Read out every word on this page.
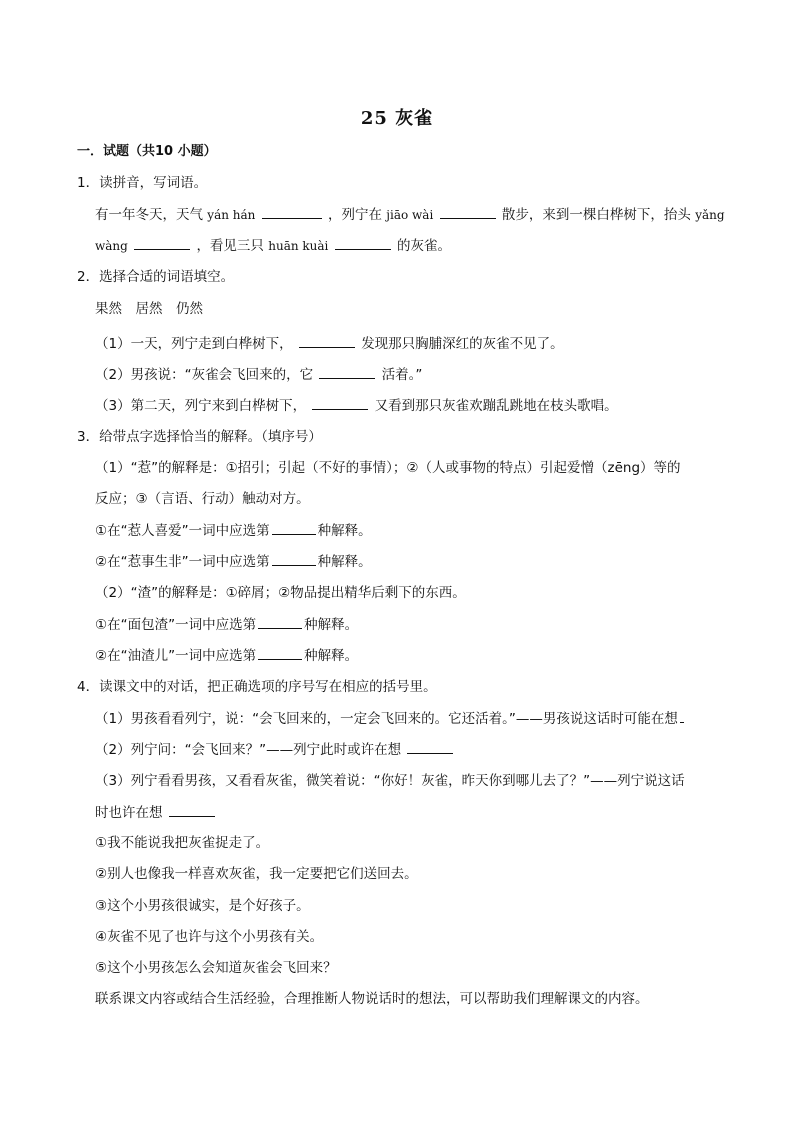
25 灰雀
一．试题（共10 小题）
1．读拼音，写词语。
有一年冬天，天气 yán hán	，列宁在 jiāo wài	散步，来到一棵白桦树下，抬头 yǎng
wàng	，看见三只 huān kuài	的灰雀。
2．选择合适的词语填空。
果然　居然　仍然
（1）一天，列宁走到白桦树下，	发现那只胸脯深红的灰雀不见了。
（2）男孩说：“灰雀会飞回来的，它	活着。”
（3）第二天，列宁来到白桦树下，	又看到那只灰雀欢蹦乱跳地在枝头歌唱。
3．给带点字选择恰当的解释。（填序号）
（1）“惹”的解释是：①招引；引起（不好的事情）；②（人或事物的特点）引起爱憎（zēng）等的
反应；③（言语、行动）触动对方。
①在“惹人喜爱”一词中应选第	种解释。
②在“惹事生非”一词中应选第	种解释。
（2）“渣”的解释是：①碎屑；②物品提出精华后剩下的东西。
①在“面包渣”一词中应选第	种解释。
②在“油渣儿”一词中应选第	种解释。
4．读课文中的对话，把正确选项的序号写在相应的括号里。
（1）男孩看看列宁，说：“会飞回来的，一定会飞回来的。它还活着。”——男孩说这话时可能在想
（2）列宁问：“会飞回来？”——列宁此时或许在想
（3）列宁看看男孩，又看看灰雀，微笑着说：“你好！灰雀，昨天你到哪儿去了？”——列宁说这话
时也许在想
①我不能说我把灰雀捉走了。
②别人也像我一样喜欢灰雀，我一定要把它们送回去。
③这个小男孩很诚实，是个好孩子。
④灰雀不见了也许与这个小男孩有关。
⑤这个小男孩怎么会知道灰雀会飞回来？
联系课文内容或结合生活经验，合理推断人物说话时的想法，可以帮助我们理解课文的内容。
